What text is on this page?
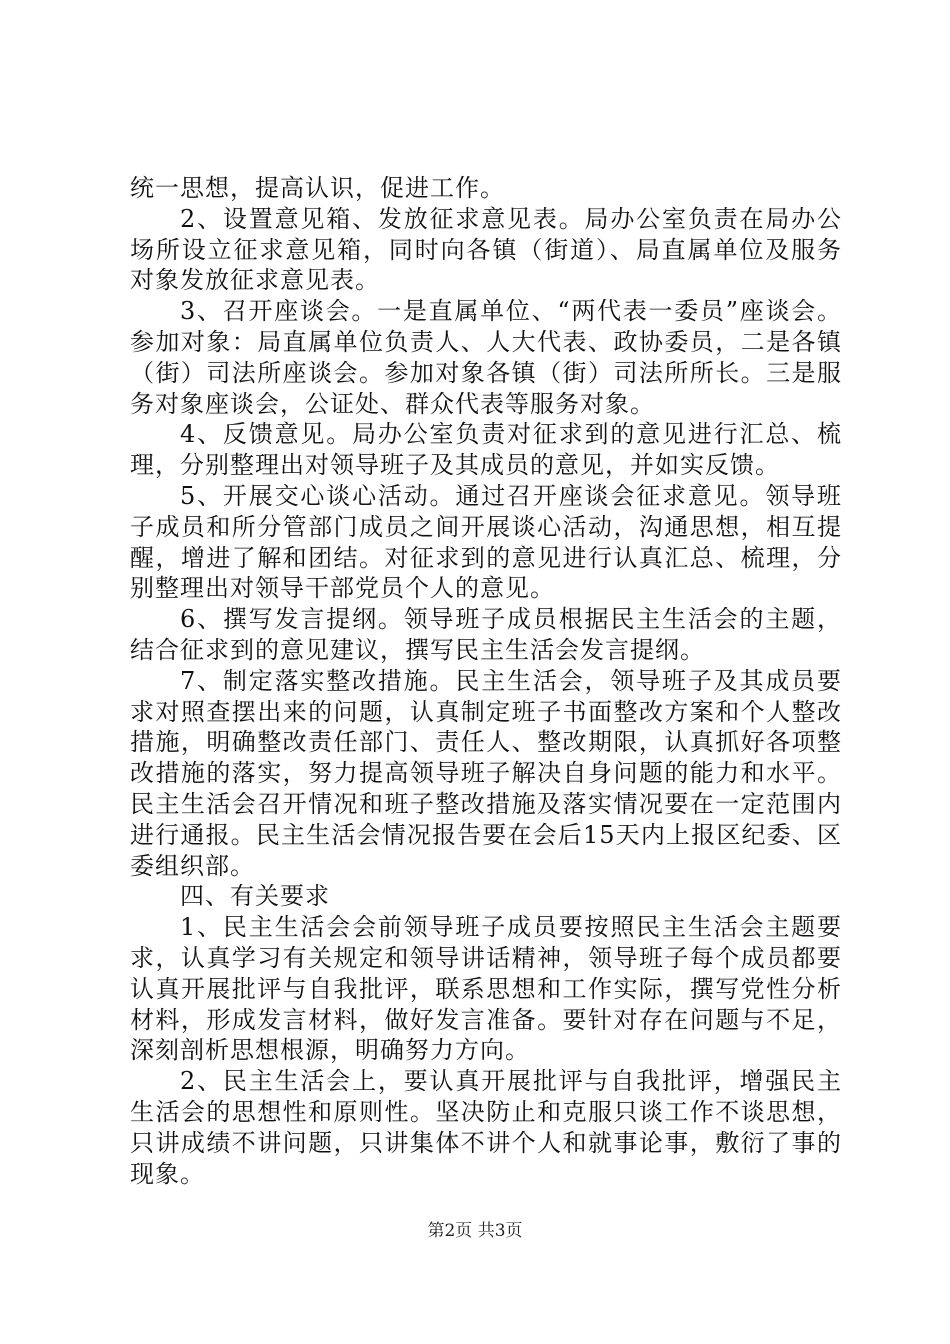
统一思想，提高认识，促进工作。

2、设置意见箱、发放征求意见表。局办公室负责在局办公场所设立征求意见箱，同时向各镇（街道）、局直属单位及服务对象发放征求意见表。

3、召开座谈会。一是直属单位、“两代表一委员”座谈会。参加对象：局直属单位负责人、人大代表、政协委员，二是各镇（街）司法所座谈会。参加对象各镇（街）司法所所长。三是服务对象座谈会，公证处、群众代表等服务对象。

4、反馈意见。局办公室负责对征求到的意见进行汇总、梳理，分别整理出对领导班子及其成员的意见，并如实反馈。

5、开展交心谈心活动。通过召开座谈会征求意见。领导班子成员和所分管部门成员之间开展谈心活动，沟通思想，相互提醒，增进了解和团结。对征求到的意见进行认真汇总、梳理，分别整理出对领导干部党员个人的意见。

6、撰写发言提纲。领导班子成员根据民主生活会的主题，结合征求到的意见建议，撰写民主生活会发言提纲。

7、制定落实整改措施。民主生活会，领导班子及其成员要求对照查摆出来的问题，认真制定班子书面整改方案和个人整改措施，明确整改责任部门、责任人、整改期限，认真抓好各项整改措施的落实，努力提高领导班子解决自身问题的能力和水平。民主生活会召开情况和班子整改措施及落实情况要在一定范围内进行通报。民主生活会情况报告要在会后15天内上报区纪委、区委组织部。

四、有关要求

1、民主生活会会前领导班子成员要按照民主生活会主题要求，认真学习有关规定和领导讲话精神，领导班子每个成员都要认真开展批评与自我批评，联系思想和工作实际，撰写党性分析材料，形成发言材料，做好发言准备。要针对存在问题与不足，深刻剖析思想根源，明确努力方向。

2、民主生活会上，要认真开展批评与自我批评，增强民主生活会的思想性和原则性。坚决防止和克服只谈工作不谈思想，只讲成绩不讲问题，只讲集体不讲个人和就事论事，敷衍了事的现象。

第2页 共3页
